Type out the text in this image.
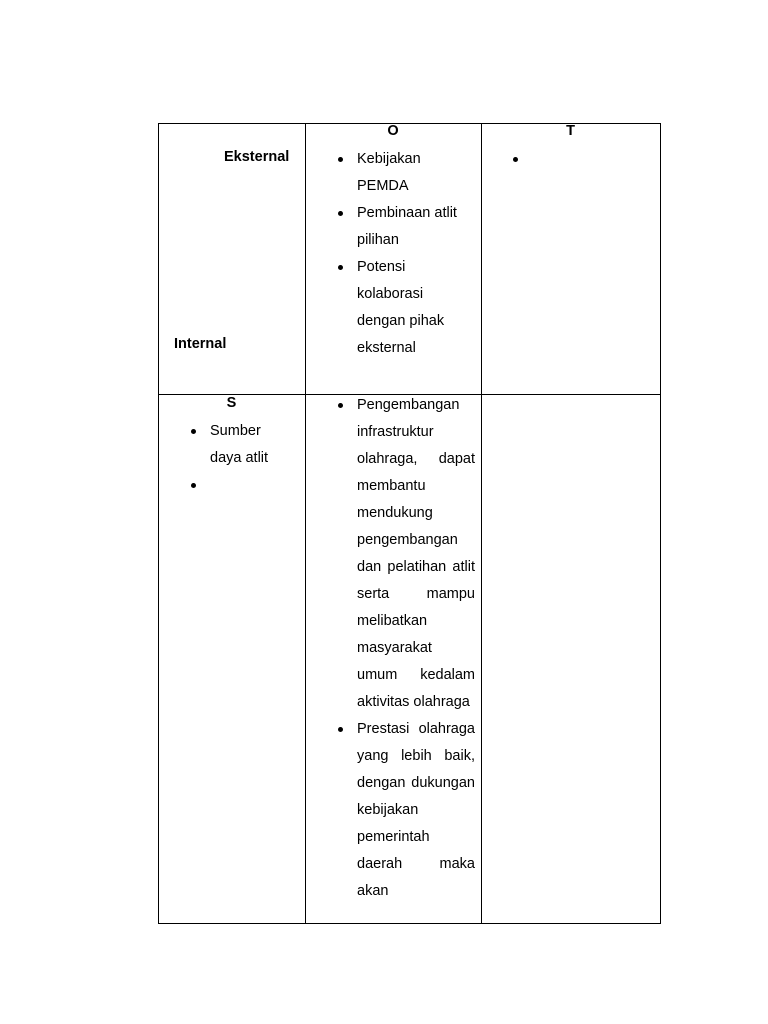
Eksternal
Internal
O	T
Kebijakan PEMDA
Pembinaan atlit pilihan
Potensi kolaborasi dengan pihak eksternal

S
Sumber daya atlit

Pengembangan infrastruktur olahraga, dapat membantu mendukung pengembangan dan pelatihan atlit serta mampu melibatkan masyarakat umum kedalam aktivitas olahraga
Prestasi olahraga yang lebih baik, dengan dukungan kebijakan pemerintah daerah maka akan
